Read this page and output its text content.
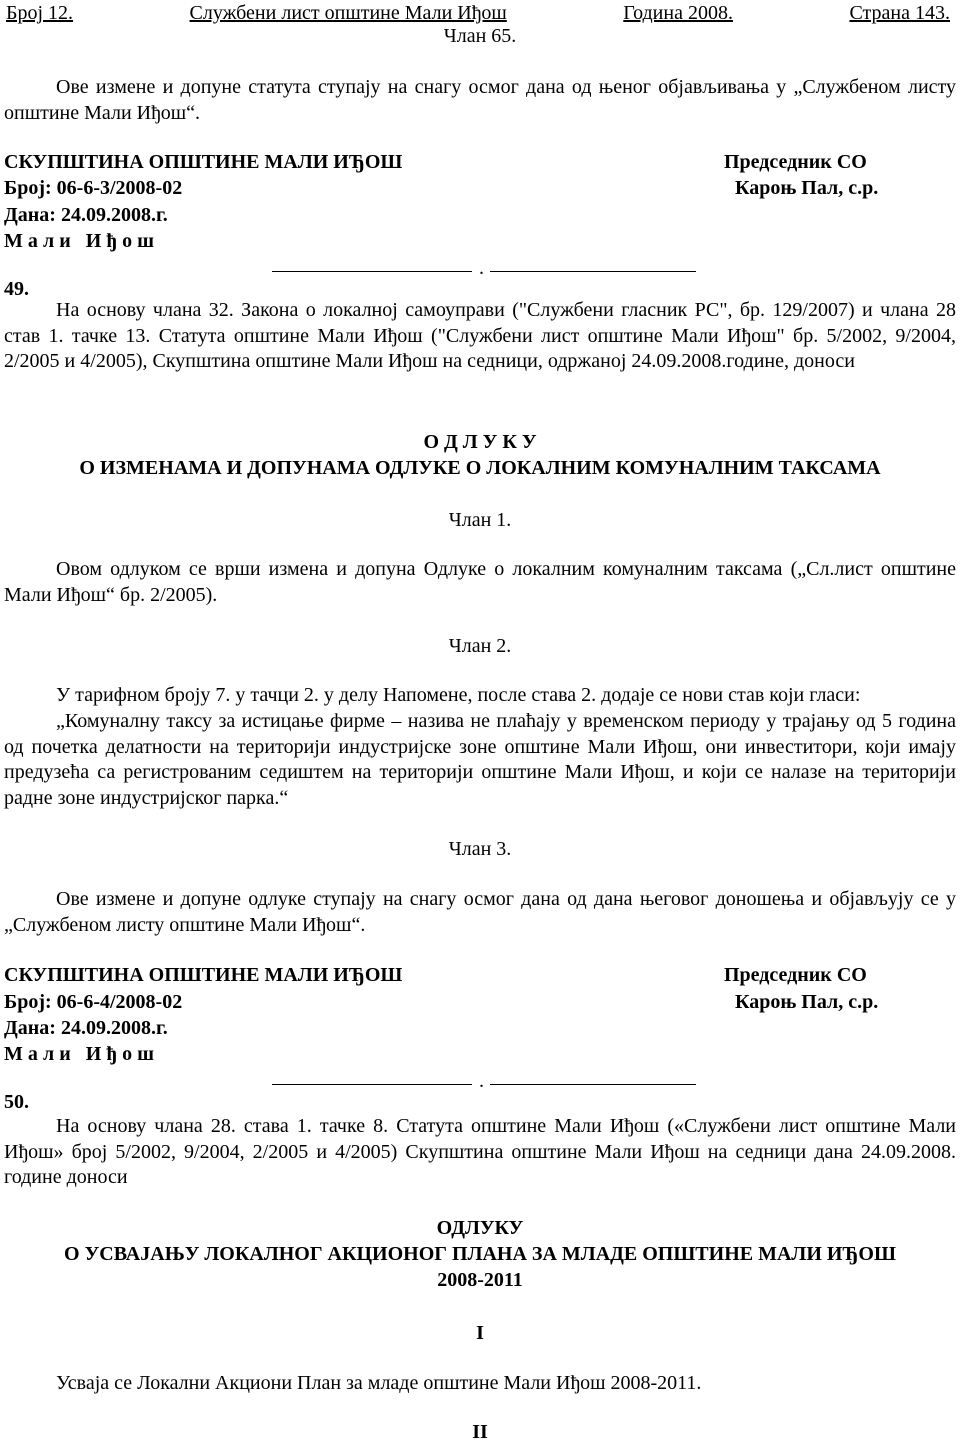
Број 12.	Службени лист општине Мали Иђош	Година 2008.	Страна 143.
Члан 65.
Ове измене и допуне статута ступају на снагу осмог дана од њеног објављивања у „Службеном листу општине Мали Иђош“.
СКУПШТИНА ОПШТИНЕ МАЛИ ИЂОШ
Број: 06-6-3/2008-02
Дана: 24.09.2008.г.
Мали Иђош
Председник СО
Кароњ Пал, с.р.
.
49.
На основу члана 32. Закона о локалној самоуправи ("Службени гласник РС", бр. 129/2007) и члана 28 став 1. тачке 13. Статута општине Мали Иђош ("Службени лист општине Мали Иђош" бр. 5/2002, 9/2004, 2/2005 и 4/2005), Скупштина општине Мали Иђош на седници, одржаној 24.09.2008.године, доноси
О Д Л У К У
О ИЗМЕНАМА И ДОПУНАМА ОДЛУКЕ О ЛОКАЛНИМ КОМУНАЛНИМ ТАКСАМА
Члан 1.
Овом одлуком се врши измена и допуна Одлуке о локалним комуналним таксама („Сл.лист општине Мали Иђош“ бр. 2/2005).
Члан 2.
У тарифном броју 7. у тачци 2. у делу Напомене, после става 2. додаје се нови став који гласи:
„Комуналну таксу за истицање фирме – назива не плаћају у временском периоду у трајању од 5 година од почетка делатности на територији индустријске зоне општине Мали Иђош, они инвеститори, који имају предузећа са регистрованим седиштем на територији општине Мали Иђош, и који се налазе на територији радне зоне индустријског парка.“
Члан 3.
Ове измене и допуне одлуке ступају на снагу осмог дана од дана његовог доношења и објављују се у „Службеном листу општине Мали Иђош“.
СКУПШТИНА ОПШТИНЕ МАЛИ ИЂОШ
Број: 06-6-4/2008-02
Дана: 24.09.2008.г.
Мали Иђош
Председник СО
Кароњ Пал, с.р.
.
50.
На основу члана 28. става 1. тачке 8. Статута општине Мали Иђош («Службени лист општине Мали Иђош» број 5/2002, 9/2004, 2/2005 и 4/2005) Скупштина општине Мали Иђош на седници дана 24.09.2008. године доноси
ОДЛУКУ
О УСВАЈАЊУ ЛОКАЛНОГ АКЦИОНОГ ПЛАНА ЗА МЛАДЕ ОПШТИНЕ МАЛИ ИЂОШ
2008-2011
I
Усваја се Локални Акциони План за младе општине Мали Иђош 2008-2011.
II
